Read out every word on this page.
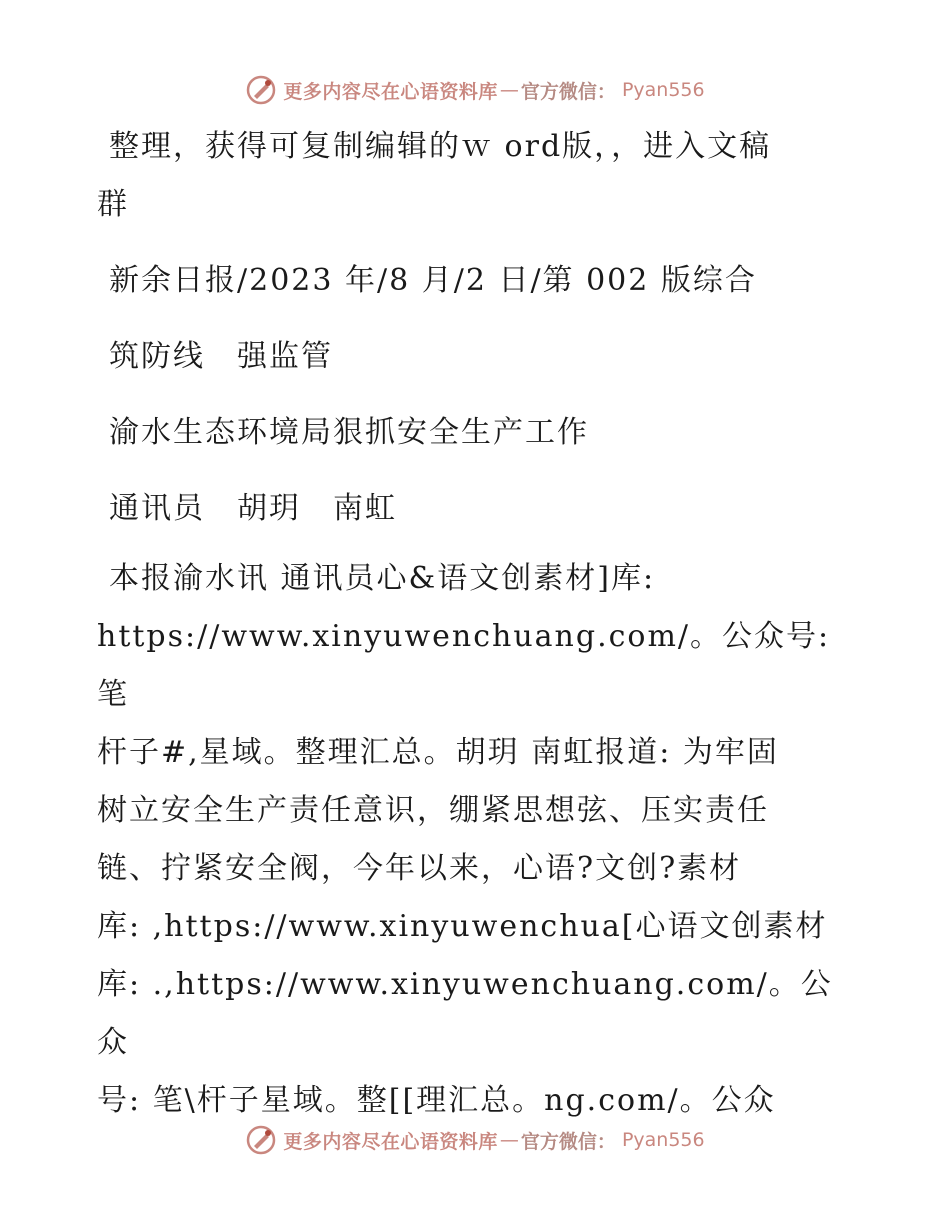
更多内容尽在心语资料库 — 官方微信： Pyan556

整理，获得可复制编辑的ｗ ord版，，进入文稿

群

新余日报/2023 年/8 月/2 日/第 002 版综合

筑防线　强监管

渝水生态环境局狠抓安全生产工作

通讯员　胡玥　南虹

本报渝水讯 通讯员心&语文创素材]库:

https://www.xinyuwenchuang.com/。公众号: 笔

杆子#,星域。整理汇总。胡玥 南虹报道: 为牢固

树立安全生产责任意识，绷紧思想弦、压实责任

链、拧紧安全阀，今年以来，心语?文创?素材

库: ,https://www.xinyuwenchua[心语文创素材

库: .,https://www.xinyuwenchuang.com/。公众

号: 笔\杆子星域。整[[理汇总。ng.com/。公众

更多内容尽在心语资料库 — 官方微信： Pyan556
